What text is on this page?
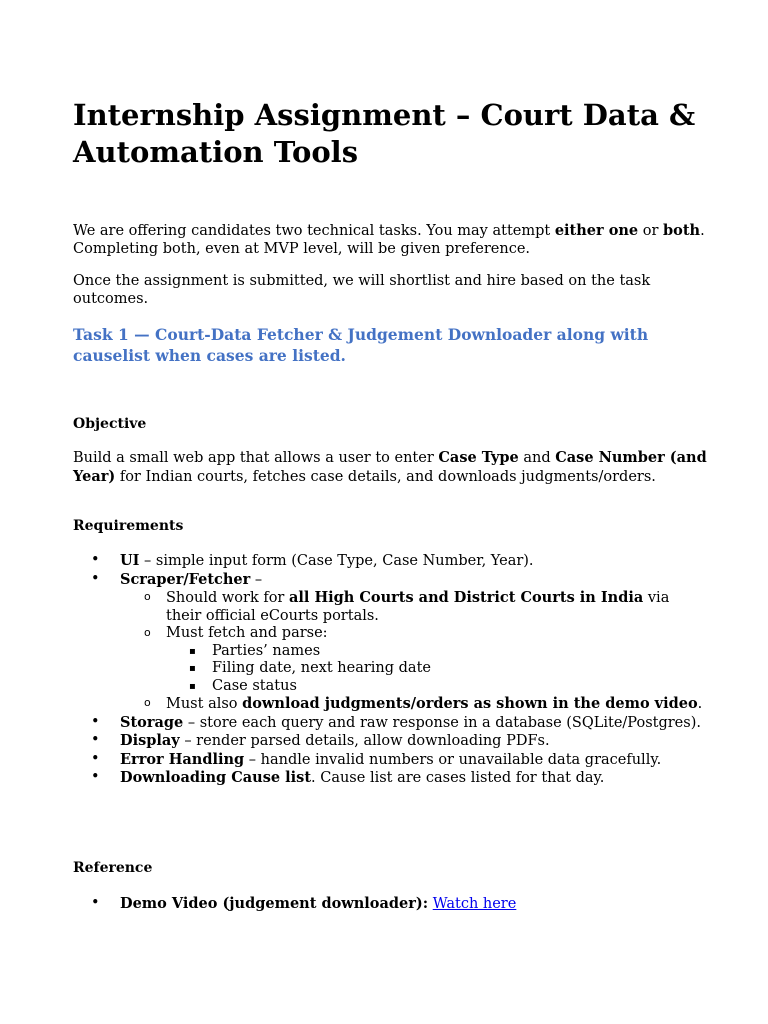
Internship Assignment – Court Data & Automation Tools

We are offering candidates two technical tasks. You may attempt either one or both. Completing both, even at MVP level, will be given preference.

Once the assignment is submitted, we will shortlist and hire based on the task outcomes.

Task 1 — Court-Data Fetcher & Judgement Downloader along with causelist when cases are listed.

Objective

Build a small web app that allows a user to enter Case Type and Case Number (and Year) for Indian courts, fetches case details, and downloads judgments/orders.

Requirements

• UI – simple input form (Case Type, Case Number, Year).
• Scraper/Fetcher –
o Should work for all High Courts and District Courts in India via their official eCourts portals.
o Must fetch and parse:
▪ Parties’ names
▪ Filing date, next hearing date
▪ Case status
o Must also download judgments/orders as shown in the demo video.
• Storage – store each query and raw response in a database (SQLite/Postgres).
• Display – render parsed details, allow downloading PDFs.
• Error Handling – handle invalid numbers or unavailable data gracefully.
• Downloading Cause list. Cause list are cases listed for that day.

Reference

• Demo Video (judgement downloader): Watch here
